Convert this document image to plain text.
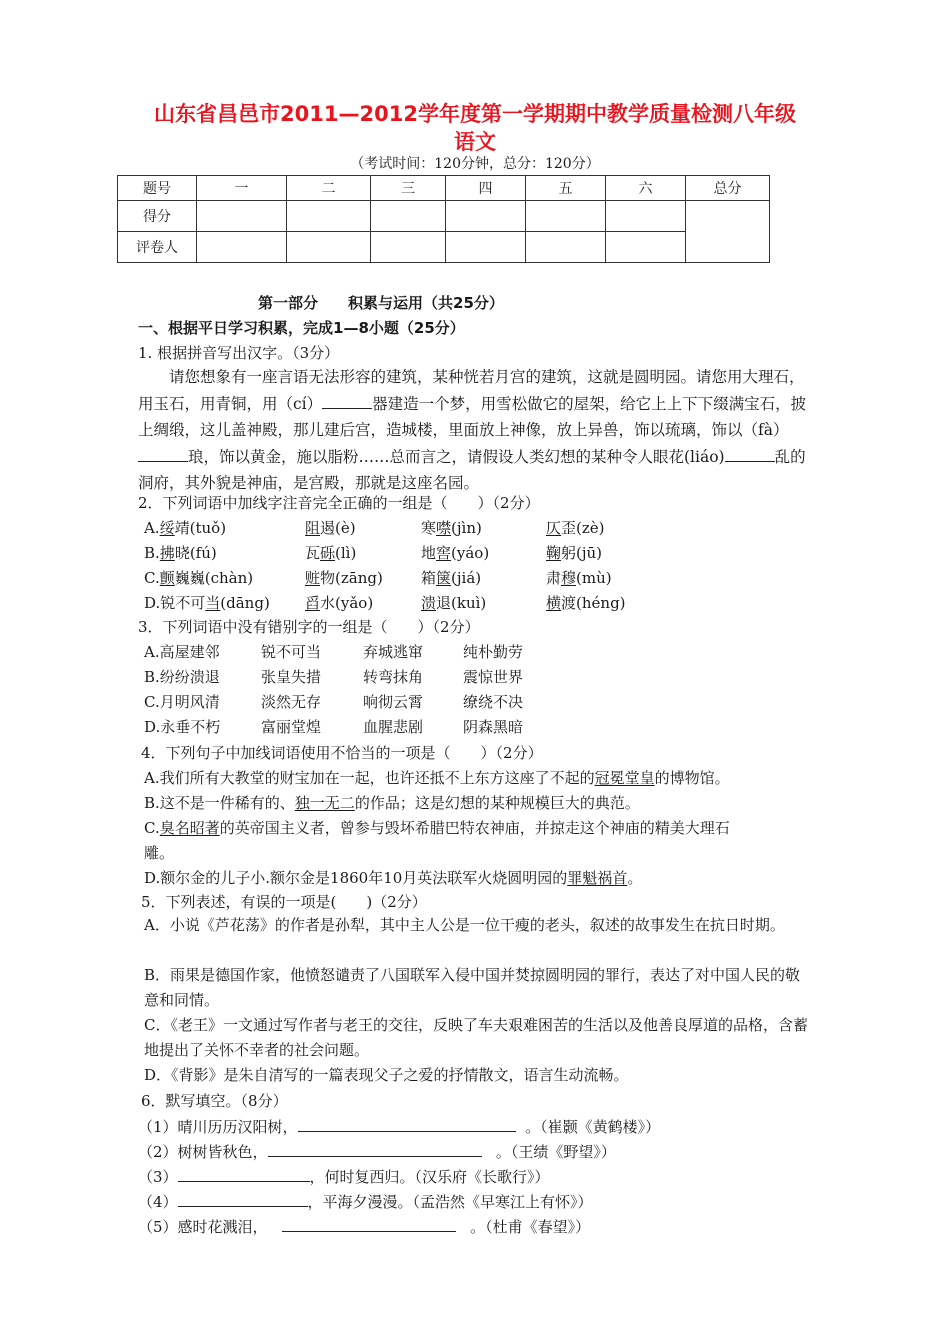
山东省昌邑市2011—2012学年度第一学期期中教学质量检测八年级
语文
（考试时间：120分钟，总分：120分）
题号	一	二	三	四	五	六	总分
得分							
评卷人							
第一部分　　积累与运用（共25分）
一、根据平日学习积累，完成1—8小题（25分）
1. 根据拼音写出汉字。（3分）
请您想象有一座言语无法形容的建筑，某种恍若月宫的建筑，这就是圆明园。请您用大理石，用玉石，用青铜，用（cí）	器建造一个梦，用雪松做它的屋架，给它上上下下缀满宝石，披上绸缎，这儿盖神殿，那儿建后宫，造城楼，里面放上神像，放上异兽，饰以琉璃，饰以（fà）琅，饰以黄金，施以脂粉……总而言之，请假设人类幻想的某种令人眼花(liáo)	乱的洞府，其外貌是神庙，是宫殿，那就是这座名园。
2．下列词语中加线字注音完全正确的一组是（　　）（2分）
A.绥靖(tuǒ)	阻遏(è)	寒噤(jìn)	仄歪(zè)
B.拂晓(fú)	瓦砾(lì)	地窖(yáo)	鞠躬(jū)
C.颤巍巍(chàn)	赃物(zāng)	箱箧(jiá)	肃穆(mù)
D.锐不可当(dāng) 舀水(yǎo)	溃退(kuì)	横渡(héng)
3．下列词语中没有错别字的一组是（　　）（2分）
A.高屋建邻	锐不可当	弃城逃窜	纯朴勤劳
B.纷纷溃退	张皇失措	转弯抹角	震惊世界
C.月明风清	淡然无存	响彻云霄	缭绕不决
D.永垂不朽	富丽堂煌	血腥悲剧	阴森黑暗
4．下列句子中加线词语使用不恰当的一项是（　　）（2分）
A.我们所有大教堂的财宝加在一起，也许还抵不上东方这座了不起的冠冕堂皇的博物馆。
B.这不是一件稀有的、独一无二的作品；这是幻想的某种规模巨大的典范。
C.臭名昭著的英帝国主义者，曾参与毁坏希腊巴特农神庙，并掠走这个神庙的精美大理石
雕。
D.额尔金的儿子小.额尔金是1860年10月英法联军火烧圆明园的罪魁祸首。
5．下列表述，有误的一项是(　　)（2分）
A．小说《芦花荡》的作者是孙犁，其中主人公是一位干瘦的老头，叙述的故事发生在抗日时期。
B．雨果是德国作家，他愤怒谴责了八国联军入侵中国并焚掠圆明园的罪行，表达了对中国人民的敬意和同情。
C．《老王》一文通过写作者与老王的交往，反映了车夫艰难困苦的生活以及他善良厚道的品格，含蓄地提出了关怀不幸者的社会问题。
D．《背影》是朱自清写的一篇表现父子之爱的抒情散文，语言生动流畅。
6．默写填空。（8分）
（1）晴川历历汉阳树，	。（崔颢《黄鹤楼》）
（2）树树皆秋色，	。（王绩《野望》）
（3）	，何时复西归。（汉乐府《长歌行》）
（4）	，平海夕漫漫。（孟浩然《早寒江上有怀》）
（5）感时花溅泪，	。（杜甫《春望》）
